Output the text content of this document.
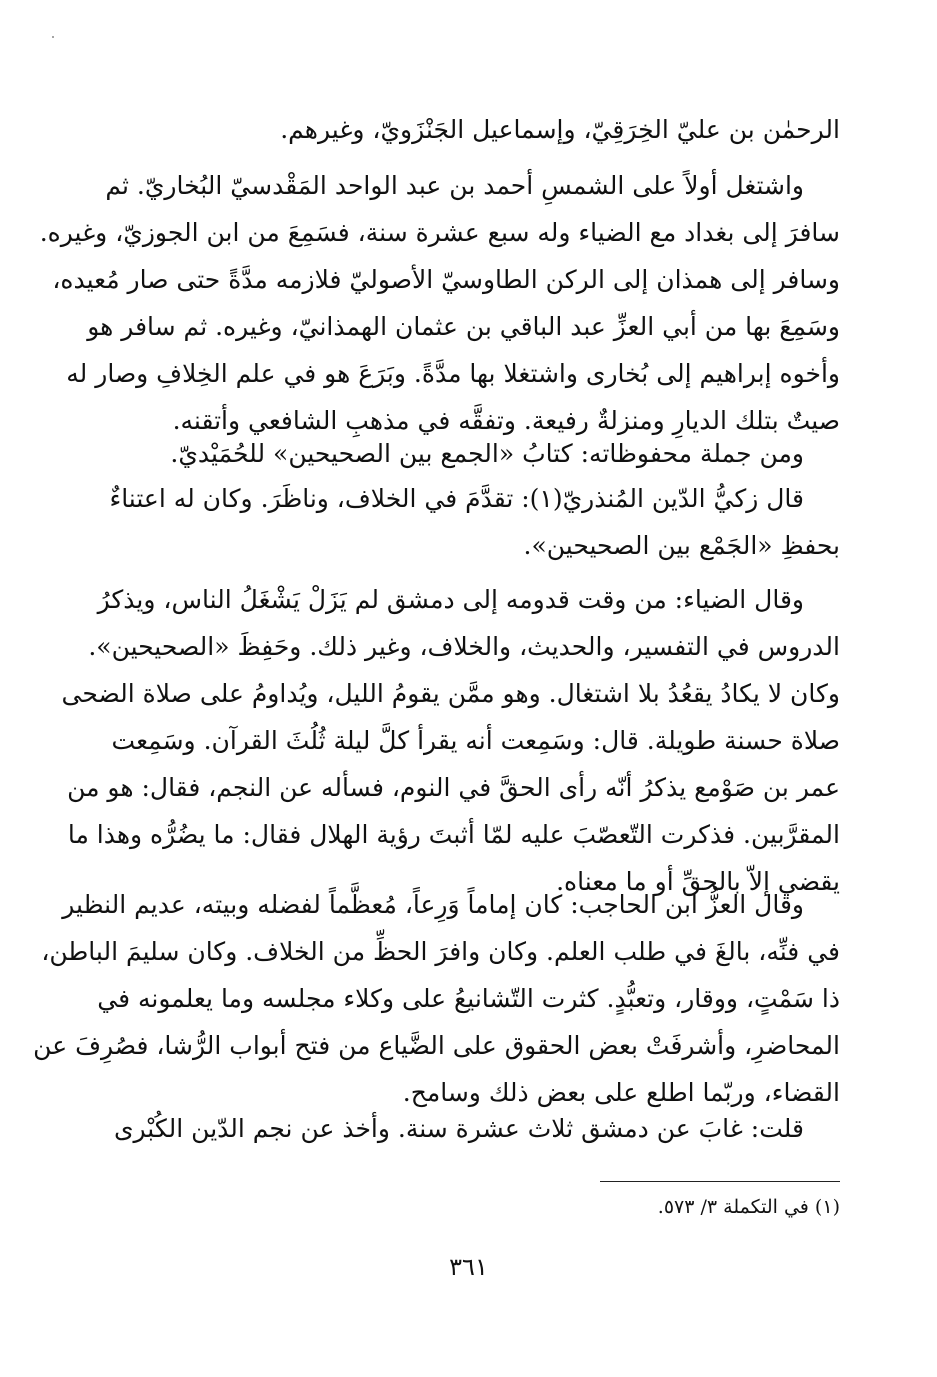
الرحمٰن بن عليّ الخِرَقِيّ، وإسماعيل الجَنْزَويّ، وغيرهم.
واشتغل أولاً على الشمسِ أحمد بن عبد الواحد المَقْدسيّ البُخاريّ. ثم
سافرَ إلى بغداد مع الضياء وله سبع عشرة سنة، فسَمِعَ من ابن الجوزيّ، وغيره.
وسافر إلى همذان إلى الركن الطاوسيّ الأصوليّ فلازمه مدَّةً حتى صار مُعيده،
وسَمِعَ بها من أبي العزِّ عبد الباقي بن عثمان الهمذانيّ، وغيره. ثم سافر هو
وأخوه إبراهيم إلى بُخارى واشتغلا بها مدَّةً. وبَرَعَ هو في علم الخِلافِ وصار له
صيتٌ بتلك الديارِ ومنزلةٌ رفيعة. وتفقَّه في مذهبِ الشافعي وأتقنه.
ومن جملة محفوظاته: كتابُ «الجمع بين الصحيحين» للحُمَيْديّ.
قال زكيُّ الدّين المُنذريّ(١): تقدَّمَ في الخلاف، وناظَرَ. وكان له اعتناءٌ
بحفظِ «الجَمْع بين الصحيحين».
وقال الضياء: من وقت قدومه إلى دمشق لم يَزَلْ يَشْغَلُ الناس، ويذكرُ
الدروس في التفسير، والحديث، والخلاف، وغير ذلك. وحَفِظَ «الصحيحين».
وكان لا يكادُ يقعُدُ بلا اشتغال. وهو ممَّن يقومُ الليل، ويُداومُ على صلاة الضحى
صلاة حسنة طويلة. قال: وسَمِعت أنه يقرأ كلَّ ليلة ثُلُثَ القرآن. وسَمِعت
عمر بن صَوْمع يذكرُ أنّه رأى الحقَّ في النوم، فسأله عن النجم، فقال: هو من
المقرَّبين. فذكرت التّعصّبَ عليه لمّا أثبتَ رؤية الهلال فقال: ما يضُرُّه وهذا ما
يقضي إلاّ بالحقِّ أو ما معناه.
وقال العزُّ ابن الحاجب: كان إماماً وَرِعاً، مُعظَّماً لفضله وبيته، عديم النظير
في فنِّه، بالغَ في طلب العلم. وكان وافرَ الحظِّ من الخلاف. وكان سليمَ الباطن،
ذا سَمْتٍ، ووقار، وتعبُّدٍ. كثرت التّشانيعُ على وكلاء مجلسه وما يعلمونه في
المحاضرِ، وأشرفَتْ بعض الحقوق على الضَّياع من فتح أبواب الرُّشا، فصُرِفَ عن
القضاء، وربّما اطلع على بعض ذلك وسامح.
قلت: غابَ عن دمشق ثلاث عشرة سنة. وأخذ عن نجم الدّين الكُبْرى
(١) في التكملة ٣/ ٥٧٣.
٣٦١
